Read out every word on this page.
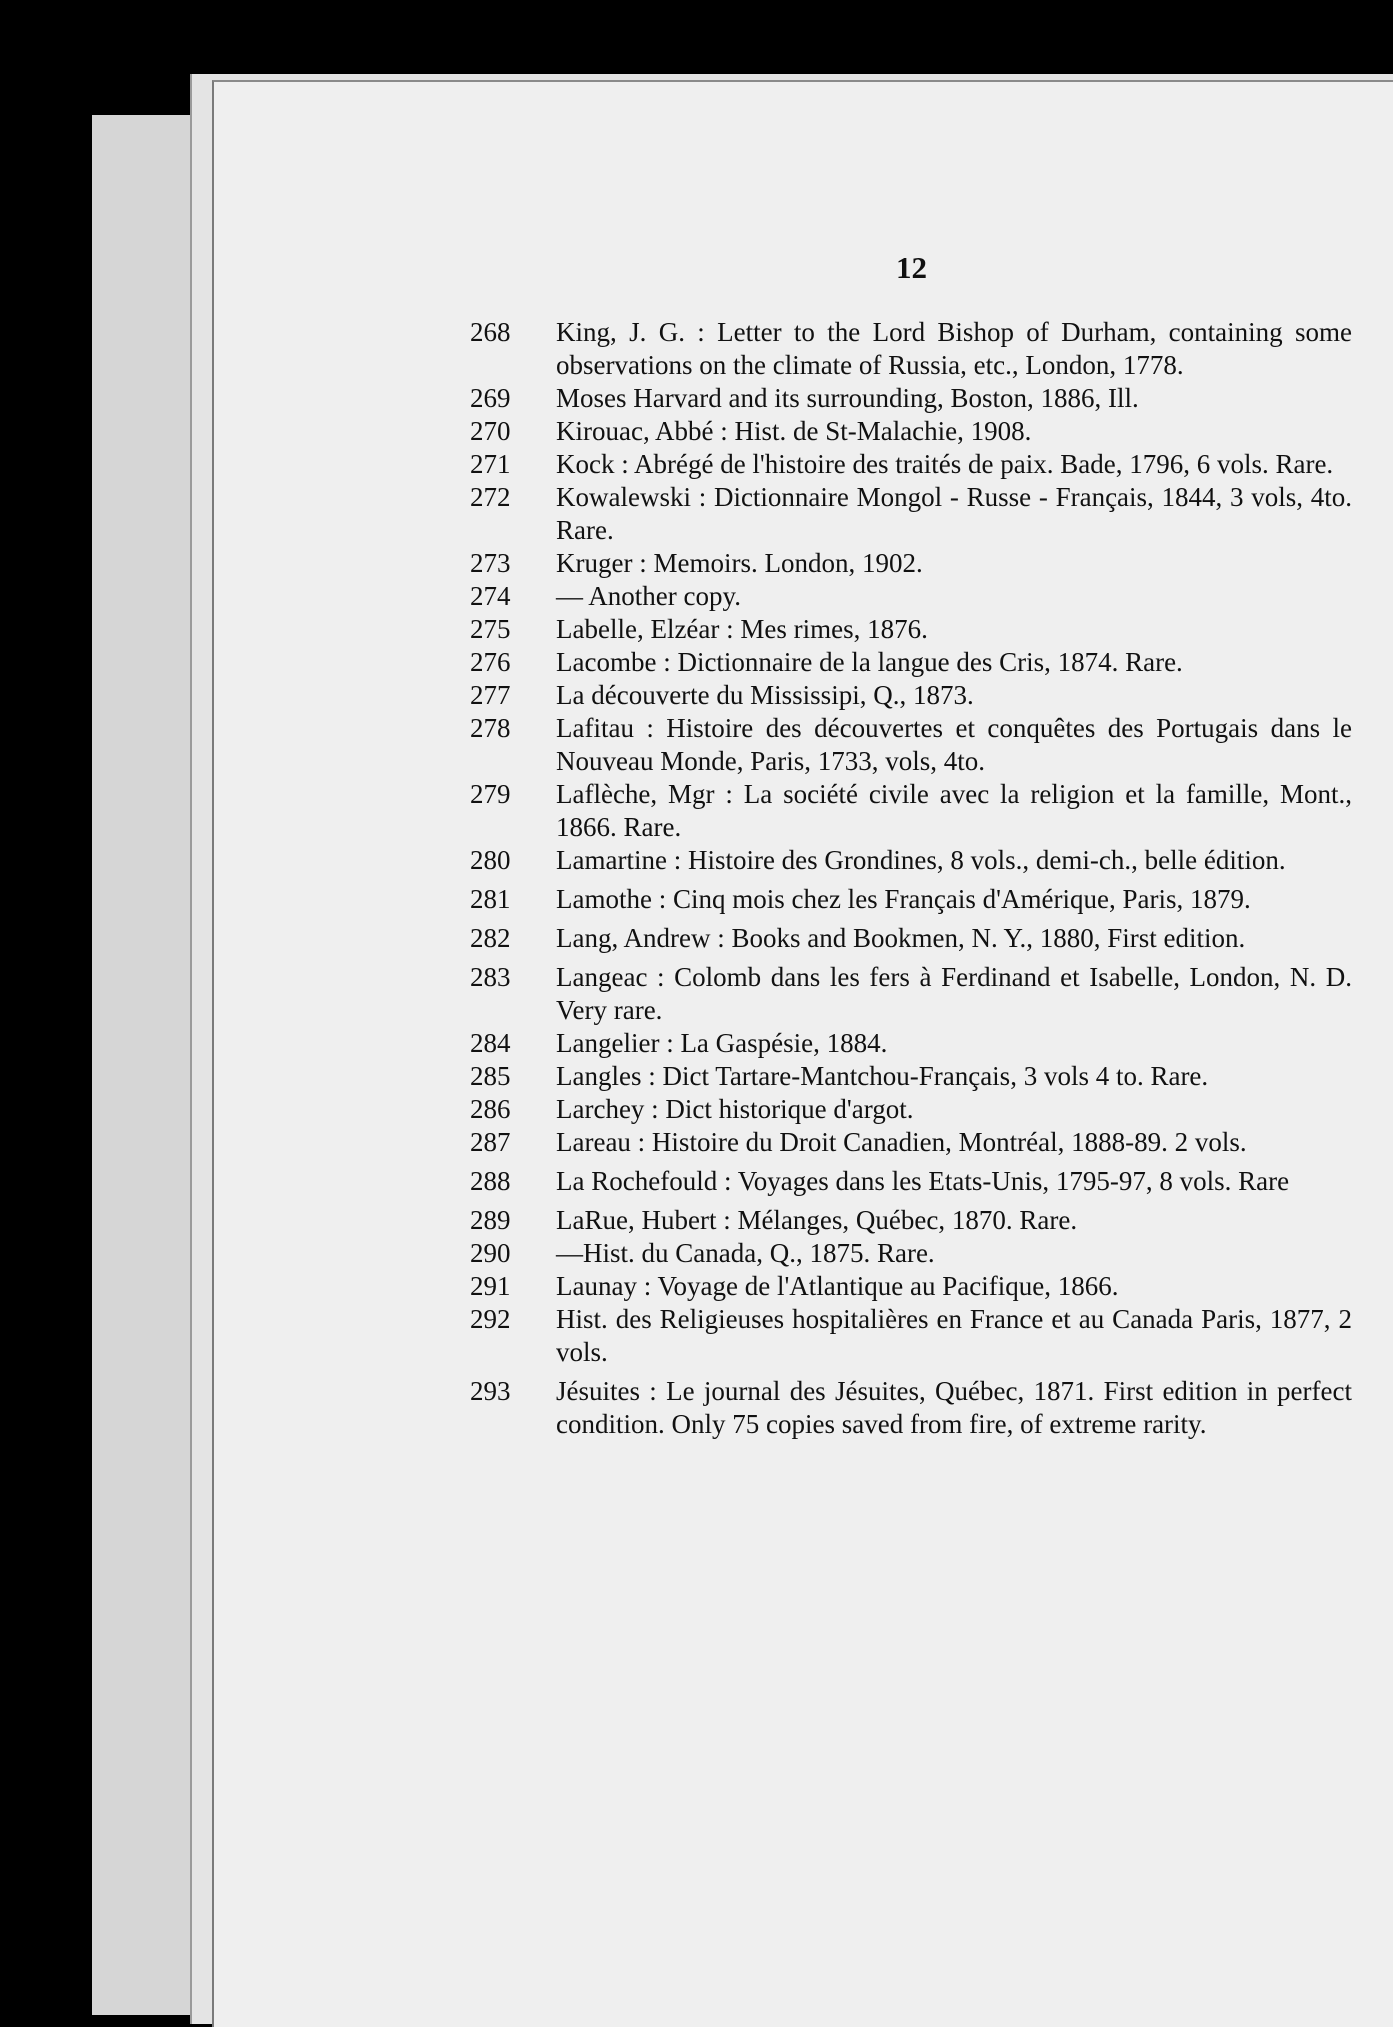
12
268	King, J. G. : Letter to the Lord Bishop of Durham, containing some observations on the climate of Russia, etc., London, 1778.
269	Moses Harvard and its surrounding, Boston, 1886, Ill.
270	Kirouac, Abbé : Hist. de St-Malachie, 1908.
271	Kock : Abrégé de l'histoire des traités de paix. Bade, 1796, 6 vols. Rare.
272	Kowalewski : Dictionnaire Mongol - Russe - Français, 1844, 3 vols, 4to. Rare.
273	Kruger : Memoirs. London, 1902.
274	— Another copy.
275	Labelle, Elzéar : Mes rimes, 1876.
276	Lacombe : Dictionnaire de la langue des Cris, 1874. Rare.
277	La découverte du Mississipi, Q., 1873.
278	Lafitau : Histoire des découvertes et conquêtes des Portugais dans le Nouveau Monde, Paris, 1733, vols, 4to.
279	Laflèche, Mgr : La société civile avec la religion et la famille, Mont., 1866. Rare.
280	Lamartine : Histoire des Grondines, 8 vols., demi-ch., belle édition.
281	Lamothe : Cinq mois chez les Français d'Amérique, Paris, 1879.
282	Lang, Andrew : Books and Bookmen, N. Y., 1880, First edition.
283	Langeac : Colomb dans les fers à Ferdinand et Isabelle, London, N. D. Very rare.
284	Langelier : La Gaspésie, 1884.
285	Langles : Dict Tartare-Mantchou-Français, 3 vols 4 to. Rare.
286	Larchey : Dict historique d'argot.
287	Lareau : Histoire du Droit Canadien, Montréal, 1888-89. 2 vols.
288	La Rochefould : Voyages dans les Etats-Unis, 1795-97, 8 vols. Rare
289	LaRue, Hubert : Mélanges, Québec, 1870. Rare.
290	—Hist. du Canada, Q., 1875. Rare.
291	Launay : Voyage de l'Atlantique au Pacifique, 1866.
292	Hist. des Religieuses hospitalières en France et au Canada Paris, 1877, 2 vols.
293	Jésuites : Le journal des Jésuites, Québec, 1871. First edition in perfect condition. Only 75 copies saved from fire, of extreme rarity.
